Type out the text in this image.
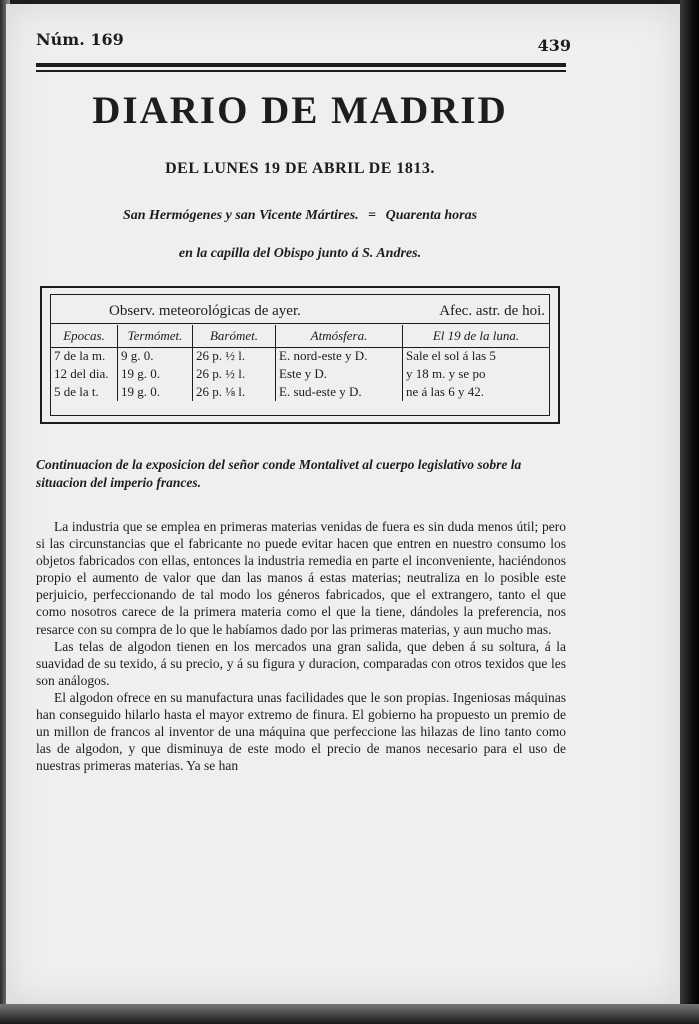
Núm. 169	439
DIARIO DE MADRID
DEL LUNES 19 DE ABRIL DE 1813.
San Hermógenes y san Vicente Mártires. = Quarenta horas
en la capilla del Obispo junto á S. Andres.
Observ. meteorológicas de ayer.	Afec. astr. de hoi.
Epocas.	Termómet.	Barómet.	Atmósfera.	El 19 de la luna.
7 de la m.	9 g. 0.	26 p. ½ l.	E. nord-este y D.	Sale el sol á las 5
12 del dia.	19 g. 0.	26 p. ½ l.	Este y D.	y 18 m. y se po
5 de la t.	19 g. 0.	26 p. ⅛ l.	E. sud-este y D.	ne á las 6 y 42.
Continuacion de la exposicion del señor conde Montalivet al cuerpo legislativo sobre la situacion del imperio frances.

La industria que se emplea en primeras materias venidas de fuera es sin duda menos útil; pero si las circunstancias que el fabricante no puede evitar hacen que entren en nuestro consumo los objetos fabricados con ellas, entonces la industria remedia en parte el inconveniente, haciéndonos propio el aumento de valor que dan las manos á estas materias; neutraliza en lo posible este perjuicio, perfeccionando de tal modo los géneros fabricados, que el extrangero, tanto el que como nosotros carece de la primera materia como el que la tiene, dándoles la preferencia, nos resarce con su compra de lo que le habíamos dado por las primeras materias, y aun mucho mas.

Las telas de algodon tienen en los mercados una gran salida, que deben á su soltura, á la suavidad de su texido, á su precio, y á su figura y duracion, comparadas con otros texidos que les son análogos.

El algodon ofrece en su manufactura unas facilidades que le son propias. Ingeniosas máquinas han conseguido hilarlo hasta el mayor extremo de finura. El gobierno ha propuesto un premio de un millon de francos al inventor de una máquina que perfeccione las hilazas de lino tanto como las de algodon, y que disminuya de este modo el precio de manos necesario para el uso de nuestras primeras materias. Ya se han
